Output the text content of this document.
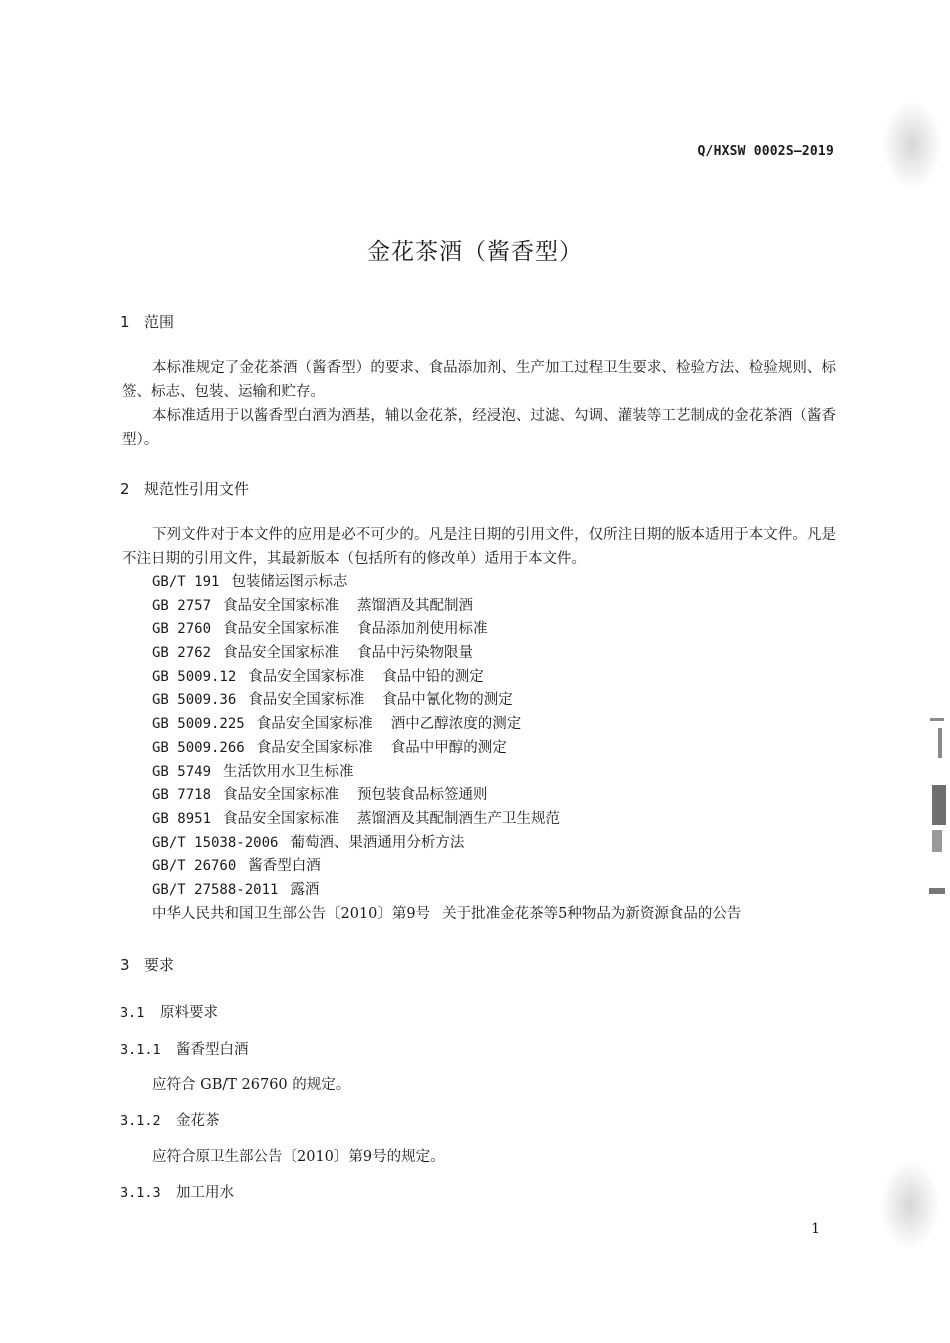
Q/HXSW 0002S—2019
金花茶酒（酱香型）
1 范围
本标准规定了金花茶酒（酱香型）的要求、食品添加剂、生产加工过程卫生要求、检验方法、检验规则、标签、标志、包装、运输和贮存。
本标准适用于以酱香型白酒为酒基，辅以金花茶，经浸泡、过滤、勾调、灌装等工艺制成的金花茶酒（酱香型）。
2 规范性引用文件
下列文件对于本文件的应用是必不可少的。凡是注日期的引用文件，仅所注日期的版本适用于本文件。凡是不注日期的引用文件，其最新版本（包括所有的修改单）适用于本文件。
GB/T 191 包装储运图示标志
GB 2757 食品安全国家标准 蒸馏酒及其配制酒
GB 2760 食品安全国家标准 食品添加剂使用标准
GB 2762 食品安全国家标准 食品中污染物限量
GB 5009.12 食品安全国家标准 食品中铅的测定
GB 5009.36 食品安全国家标准 食品中氰化物的测定
GB 5009.225 食品安全国家标准 酒中乙醇浓度的测定
GB 5009.266 食品安全国家标准 食品中甲醇的测定
GB 5749 生活饮用水卫生标准
GB 7718 食品安全国家标准 预包装食品标签通则
GB 8951 食品安全国家标准 蒸馏酒及其配制酒生产卫生规范
GB/T 15038-2006 葡萄酒、果酒通用分析方法
GB/T 26760 酱香型白酒
GB/T 27588-2011 露酒
中华人民共和国卫生部公告〔2010〕第9号 关于批准金花茶等5种物品为新资源食品的公告
3 要求
3.1 原料要求
3.1.1 酱香型白酒
应符合 GB/T 26760 的规定。
3.1.2 金花茶
应符合原卫生部公告〔2010〕第9号的规定。
3.1.3 加工用水
1
